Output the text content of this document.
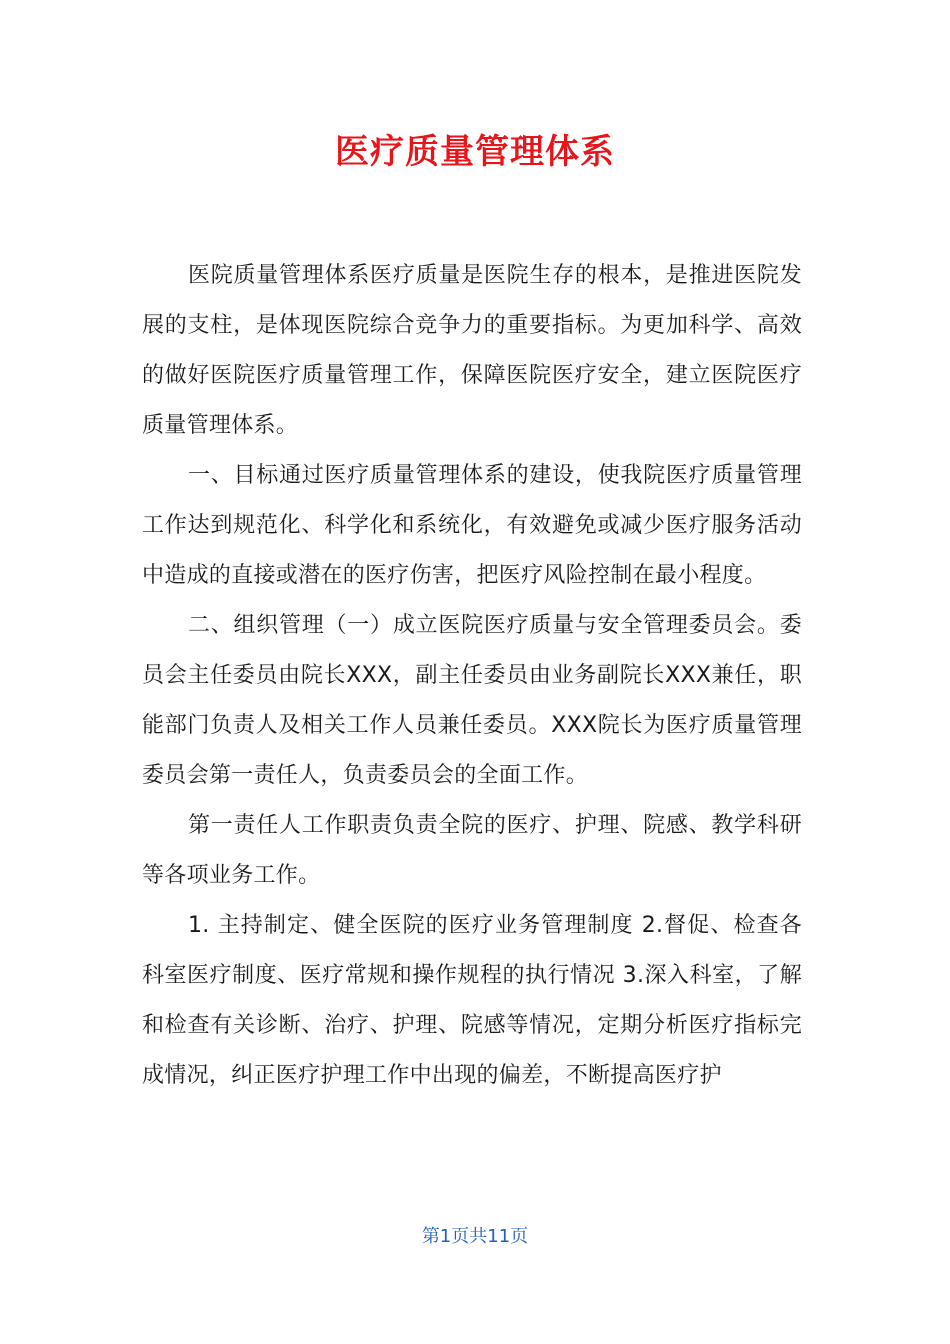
医疗质量管理体系

医院质量管理体系医疗质量是医院生存的根本，是推进医院发展的支柱，是体现医院综合竞争力的重要指标。为更加科学、高效的做好医院医疗质量管理工作，保障医院医疗安全，建立医院医疗质量管理体系。

一、目标通过医疗质量管理体系的建设，使我院医疗质量管理工作达到规范化、科学化和系统化，有效避免或减少医疗服务活动中造成的直接或潜在的医疗伤害，把医疗风险控制在最小程度。

二、组织管理（一）成立医院医疗质量与安全管理委员会。委员会主任委员由院长XXX，副主任委员由业务副院长XXX兼任，职能部门负责人及相关工作人员兼任委员。XXX院长为医疗质量管理委员会第一责任人，负责委员会的全面工作。

第一责任人工作职责负责全院的医疗、护理、院感、教学科研等各项业务工作。

1. 主持制定、健全医院的医疗业务管理制度 2.督促、检查各科室医疗制度、医疗常规和操作规程的执行情况 3.深入科室，了解和检查有关诊断、治疗、护理、院感等情况，定期分析医疗指标完成情况，纠正医疗护理工作中出现的偏差，不断提高医疗护

第1页共11页
